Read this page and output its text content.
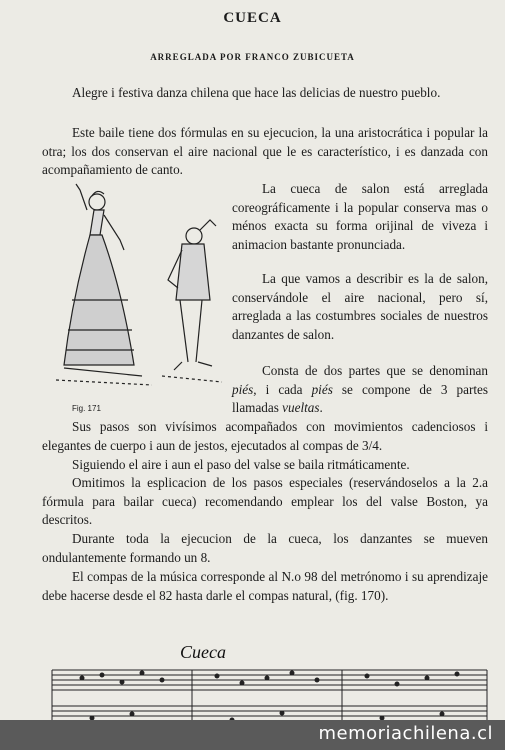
CUECA
ARREGLADA POR FRANCO ZUBICUETA

Alegre i festiva danza chilena que hace las delicias de nuestro pueblo.

Este baile tiene dos fórmulas en su ejecucion, la una aristocrática i popular la otra; los dos conservan el aire nacional que le es característico, i es danzada con acompañamiento de canto.

Fig. 171

La cueca de salon está arreglada coreográficamente i la popular conserva mas o ménos exacta su forma orijinal de viveza i animacion bastante pronunciada.

La que vamos a describir es la de salon, conservándole el aire nacional, pero sí, arreglada a las costumbres sociales de nuestros danzantes de salon.

Consta de dos partes que se denominan piés, i cada piés se compone de 3 partes llamadas vueltas.

Sus pasos son vivísimos acompañados con movimientos cadenciosos i elegantes de cuerpo i aun de jestos, ejecutados al compas de 3/4.

Siguiendo el aire i aun el paso del valse se baila ritmáticamente.

Omitimos la esplicacion de los pasos especiales (reservándoselos a la 2.a fórmula para bailar cueca) recomendando emplear los del valse Boston, ya descritos.

Durante toda la ejecucion de la cueca, los danzantes se mueven ondulantemente formando un 8.

El compas de la música corresponde al N.o 98 del metrónomo i su aprendizaje debe hacerse desde el 82 hasta darle el compas natural, (fig. 170).

Cueca
memoriachilena.cl
